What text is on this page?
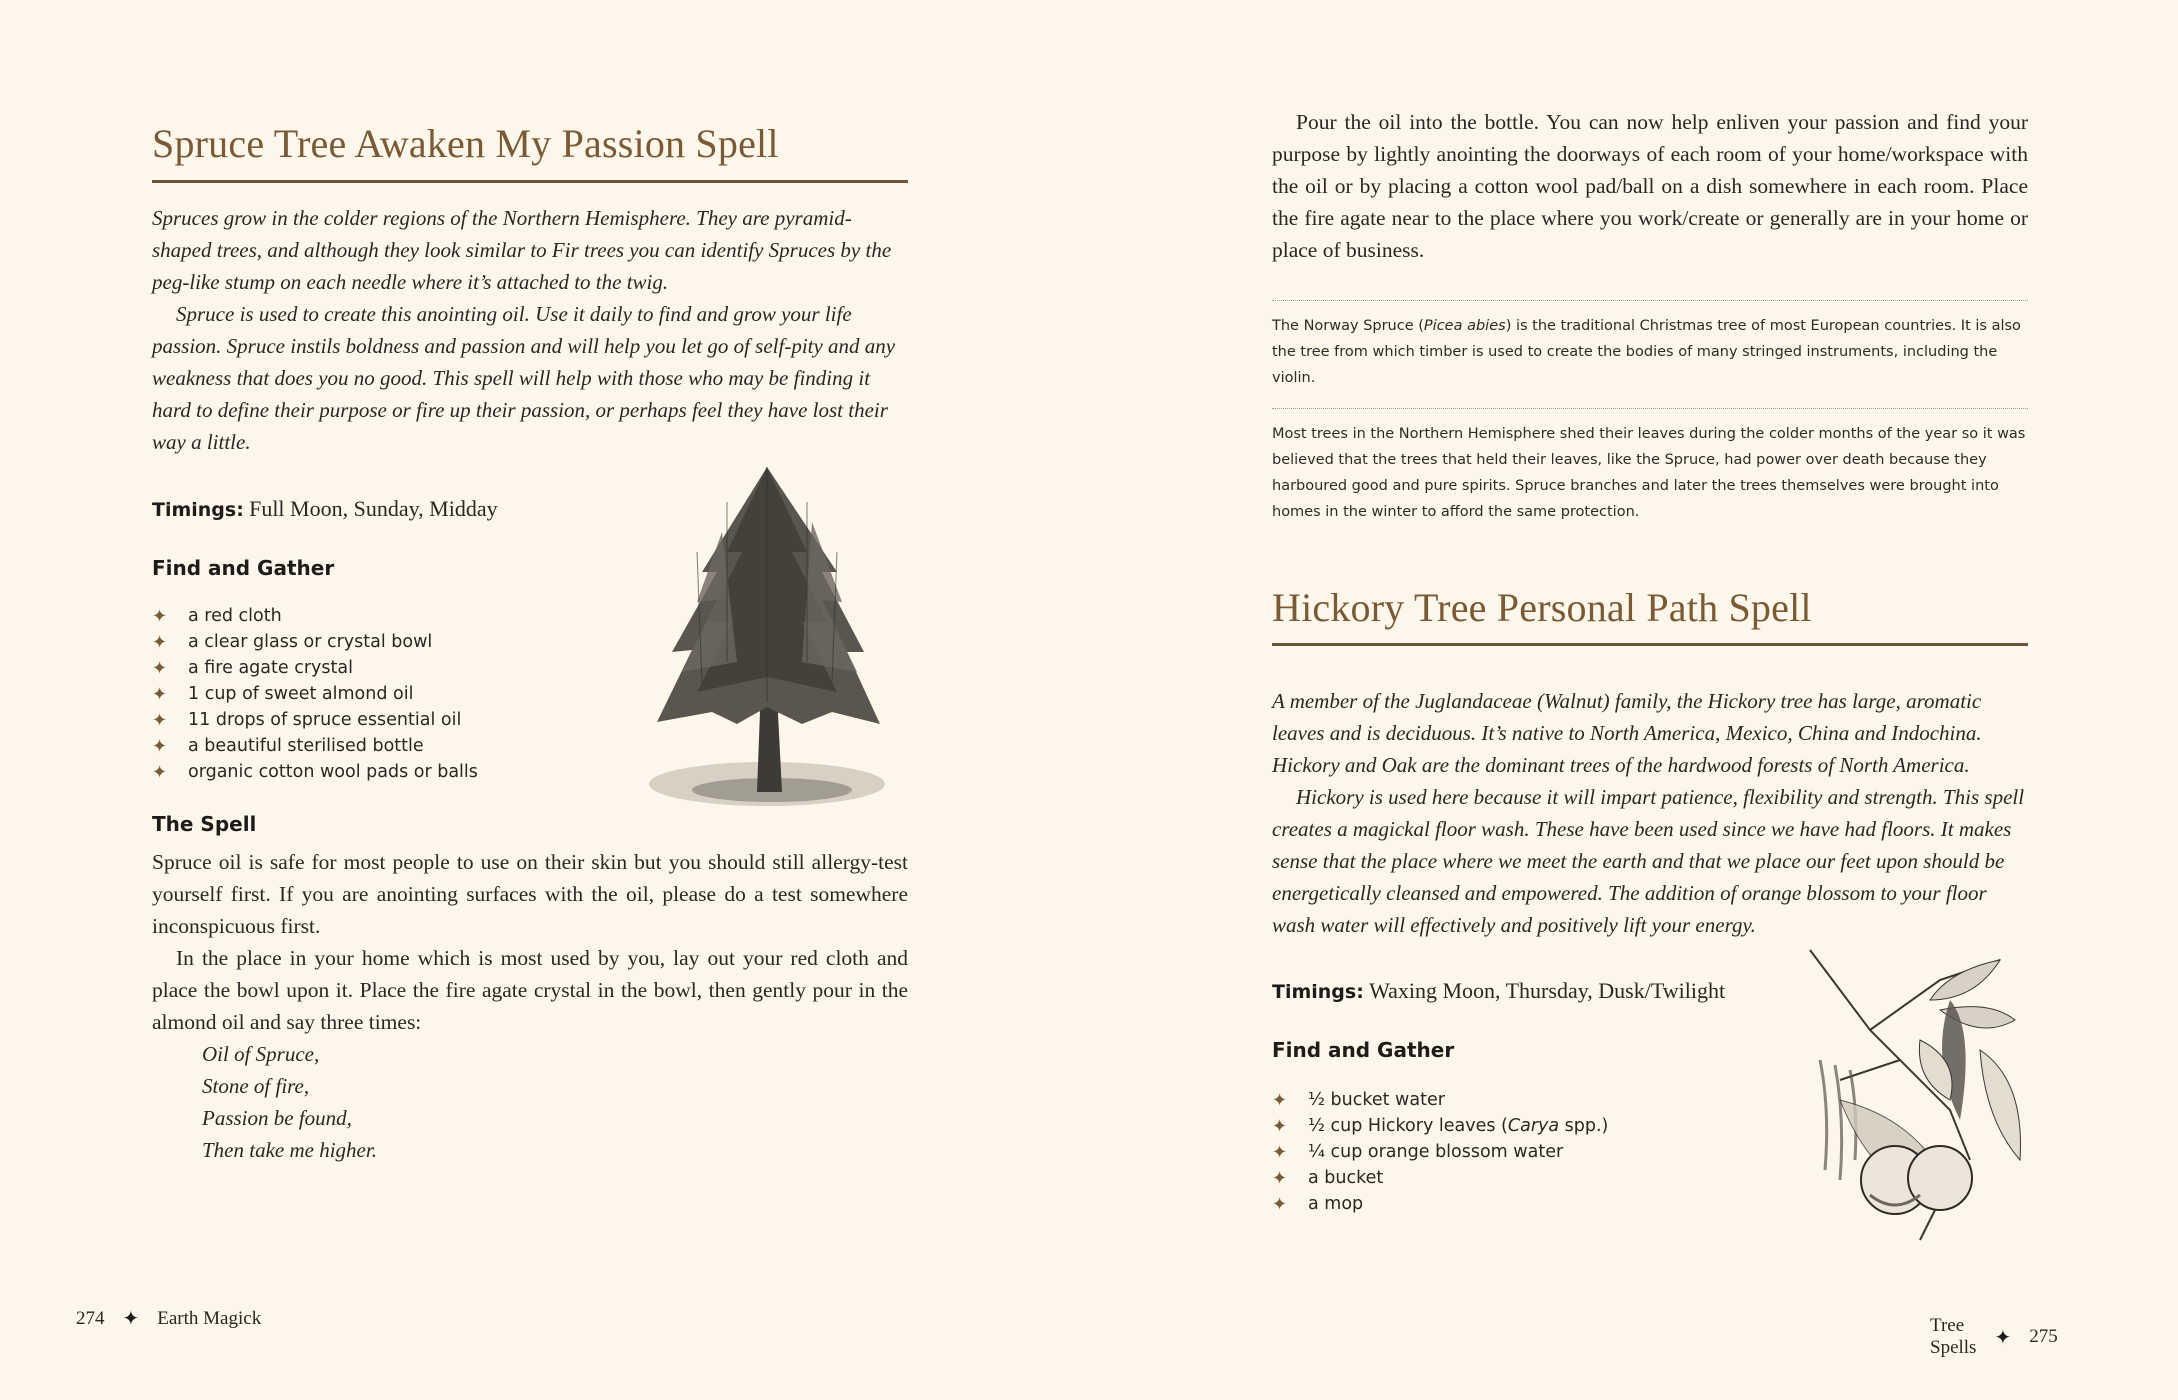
Spruce Tree Awaken My Passion Spell

Spruces grow in the colder regions of the Northern Hemisphere. They are pyramid-shaped trees, and although they look similar to Fir trees you can identify Spruces by the peg-like stump on each needle where it’s attached to the twig.

Spruce is used to create this anointing oil. Use it daily to find and grow your life passion. Spruce instils boldness and passion and will help you let go of self-pity and any weakness that does you no good. This spell will help with those who may be finding it hard to define their purpose or fire up their passion, or perhaps feel they have lost their way a little.

Timings: Full Moon, Sunday, Midday
Find and Gather
✦	a red cloth
✦	a clear glass or crystal bowl
✦	a fire agate crystal
✦	1 cup of sweet almond oil
✦	11 drops of spruce essential oil
✦	a beautiful sterilised bottle
✦	organic cotton wool pads or balls
The Spell

Spruce oil is safe for most people to use on their skin but you should still allergy-test yourself first. If you are anointing surfaces with the oil, please do a test somewhere inconspicuous first.

In the place in your home which is most used by you, lay out your red cloth and place the bowl upon it. Place the fire agate crystal in the bowl, then gently pour in the almond oil and say three times:

Oil of Spruce,
Stone of fire,
Passion be found,
Then take me higher.
274 ✦ Earth Magick

Pour the oil into the bottle. You can now help enliven your passion and find your purpose by lightly anointing the doorways of each room of your home/workspace with the oil or by placing a cotton wool pad/ball on a dish somewhere in each room. Place the fire agate near to the place where you work/create or generally are in your home or place of business.

The Norway Spruce (Picea abies) is the traditional Christmas tree of most European countries. It is also the tree from which timber is used to create the bodies of many stringed instruments, including the violin.

Most trees in the Northern Hemisphere shed their leaves during the colder months of the year so it was believed that the trees that held their leaves, like the Spruce, had power over death because they harboured good and pure spirits. Spruce branches and later the trees themselves were brought into homes in the winter to afford the same protection.

Hickory Tree Personal Path Spell

A member of the Juglandaceae (Walnut) family, the Hickory tree has large, aromatic leaves and is deciduous. It’s native to North America, Mexico, China and Indochina. Hickory and Oak are the dominant trees of the hardwood forests of North America.

Hickory is used here because it will impart patience, flexibility and strength. This spell creates a magickal floor wash. These have been used since we have had floors. It makes sense that the place where we meet the earth and that we place our feet upon should be energetically cleansed and empowered. The addition of orange blossom to your floor wash water will effectively and positively lift your energy.

Timings: Waxing Moon, Thursday, Dusk/Twilight
Find and Gather
✦	½ bucket water
✦	½ cup Hickory leaves (Carya spp.)
✦	¼ cup orange blossom water
✦	a bucket
✦	a mop
Tree Spells ✦ 275
